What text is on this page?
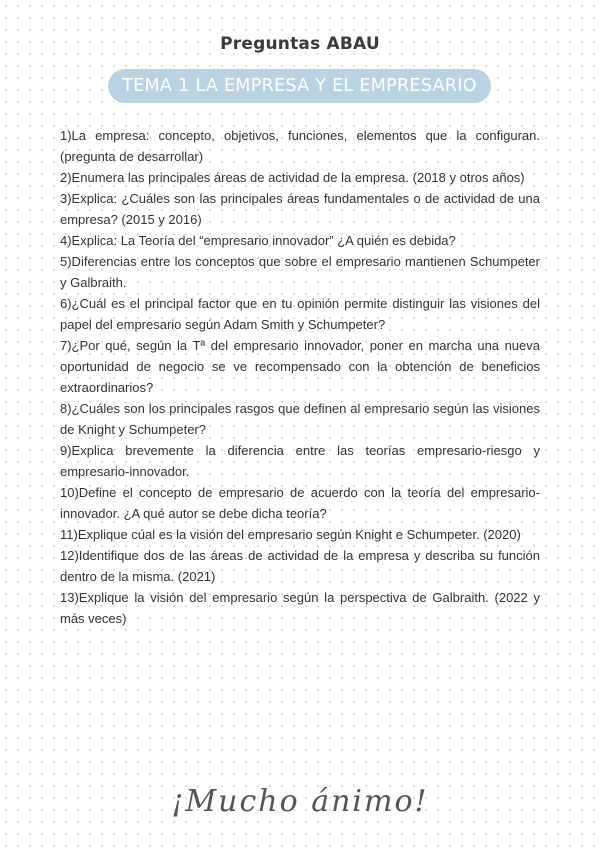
Preguntas ABAU
TEMA 1 LA EMPRESA Y EL EMPRESARIO
1)La empresa: concepto, objetivos, funciones, elementos que la configuran. (pregunta de desarrollar)
2)Enumera las principales áreas de actividad de la empresa. (2018 y otros años)
3)Explica: ¿Cuáles son las principales áreas fundamentales o de actividad de una empresa? (2015 y 2016)
4)Explica: La Teoría del “empresario innovador” ¿A quién es debida?
5)Diferencias entre los conceptos que sobre el empresario mantienen Schumpeter y Galbraith.
6)¿Cuál es el principal factor que en tu opinión permite distinguir las visiones del papel del empresario según Adam Smith y Schumpeter?
7)¿Por qué, según la Tª del empresario innovador, poner en marcha una nueva oportunidad de negocio se ve recompensado con la obtención de beneficios extraordinarios?
8)¿Cuáles son los principales rasgos que definen al empresario según las visiones de Knight y Schumpeter?
9)Explica brevemente la diferencia entre las teorías empresario-riesgo y empresario-innovador.
10)Define el concepto de empresario de acuerdo con la teoría del empresario-innovador. ¿A qué autor se debe dicha teoría?
11)Explique cúal es la visión del empresario según Knight e Schumpeter. (2020)
12)Identifique dos de las áreas de actividad de la empresa y describa su función dentro de la misma. (2021)
13)Explique la visión del empresario según la perspectiva de Galbraith. (2022 y más veces)
¡Mucho ánimo!
